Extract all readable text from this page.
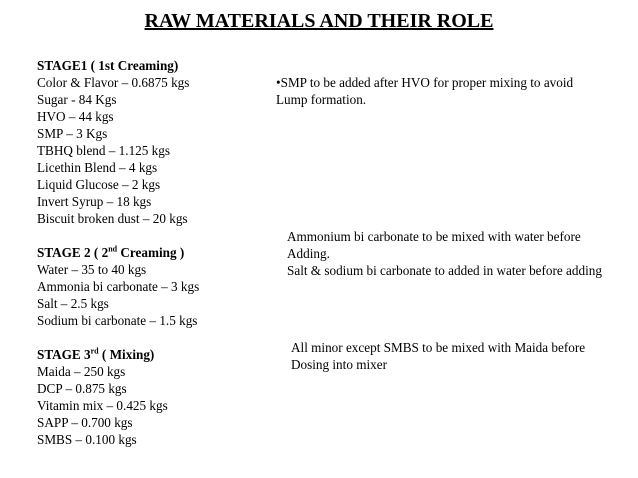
RAW MATERIALS AND THEIR ROLE
STAGE1 ( 1st Creaming)
Color & Flavor – 0.6875 kgs
Sugar - 84 Kgs
HVO – 44 kgs
SMP – 3 Kgs
TBHQ blend – 1.125 kgs
Licethin Blend – 4 kgs
Liquid Glucose – 2 kgs
Invert Syrup – 18 kgs
Biscuit broken dust – 20 kgs
STAGE 2 ( 2nd Creaming )
Water – 35 to 40 kgs
Ammonia bi carbonate – 3 kgs
Salt – 2.5 kgs
Sodium bi carbonate – 1.5 kgs
STAGE 3rd ( Mixing)
Maida – 250 kgs
DCP – 0.875 kgs
Vitamin mix – 0.425 kgs
SAPP – 0.700 kgs
SMBS – 0.100 kgs
•SMP to be added after HVO for proper mixing to avoid
Lump formation.
Ammonium bi carbonate to be mixed with water before
Adding.
Salt & sodium bi carbonate to added in water before adding
All minor except SMBS to be mixed with Maida before
Dosing into mixer
